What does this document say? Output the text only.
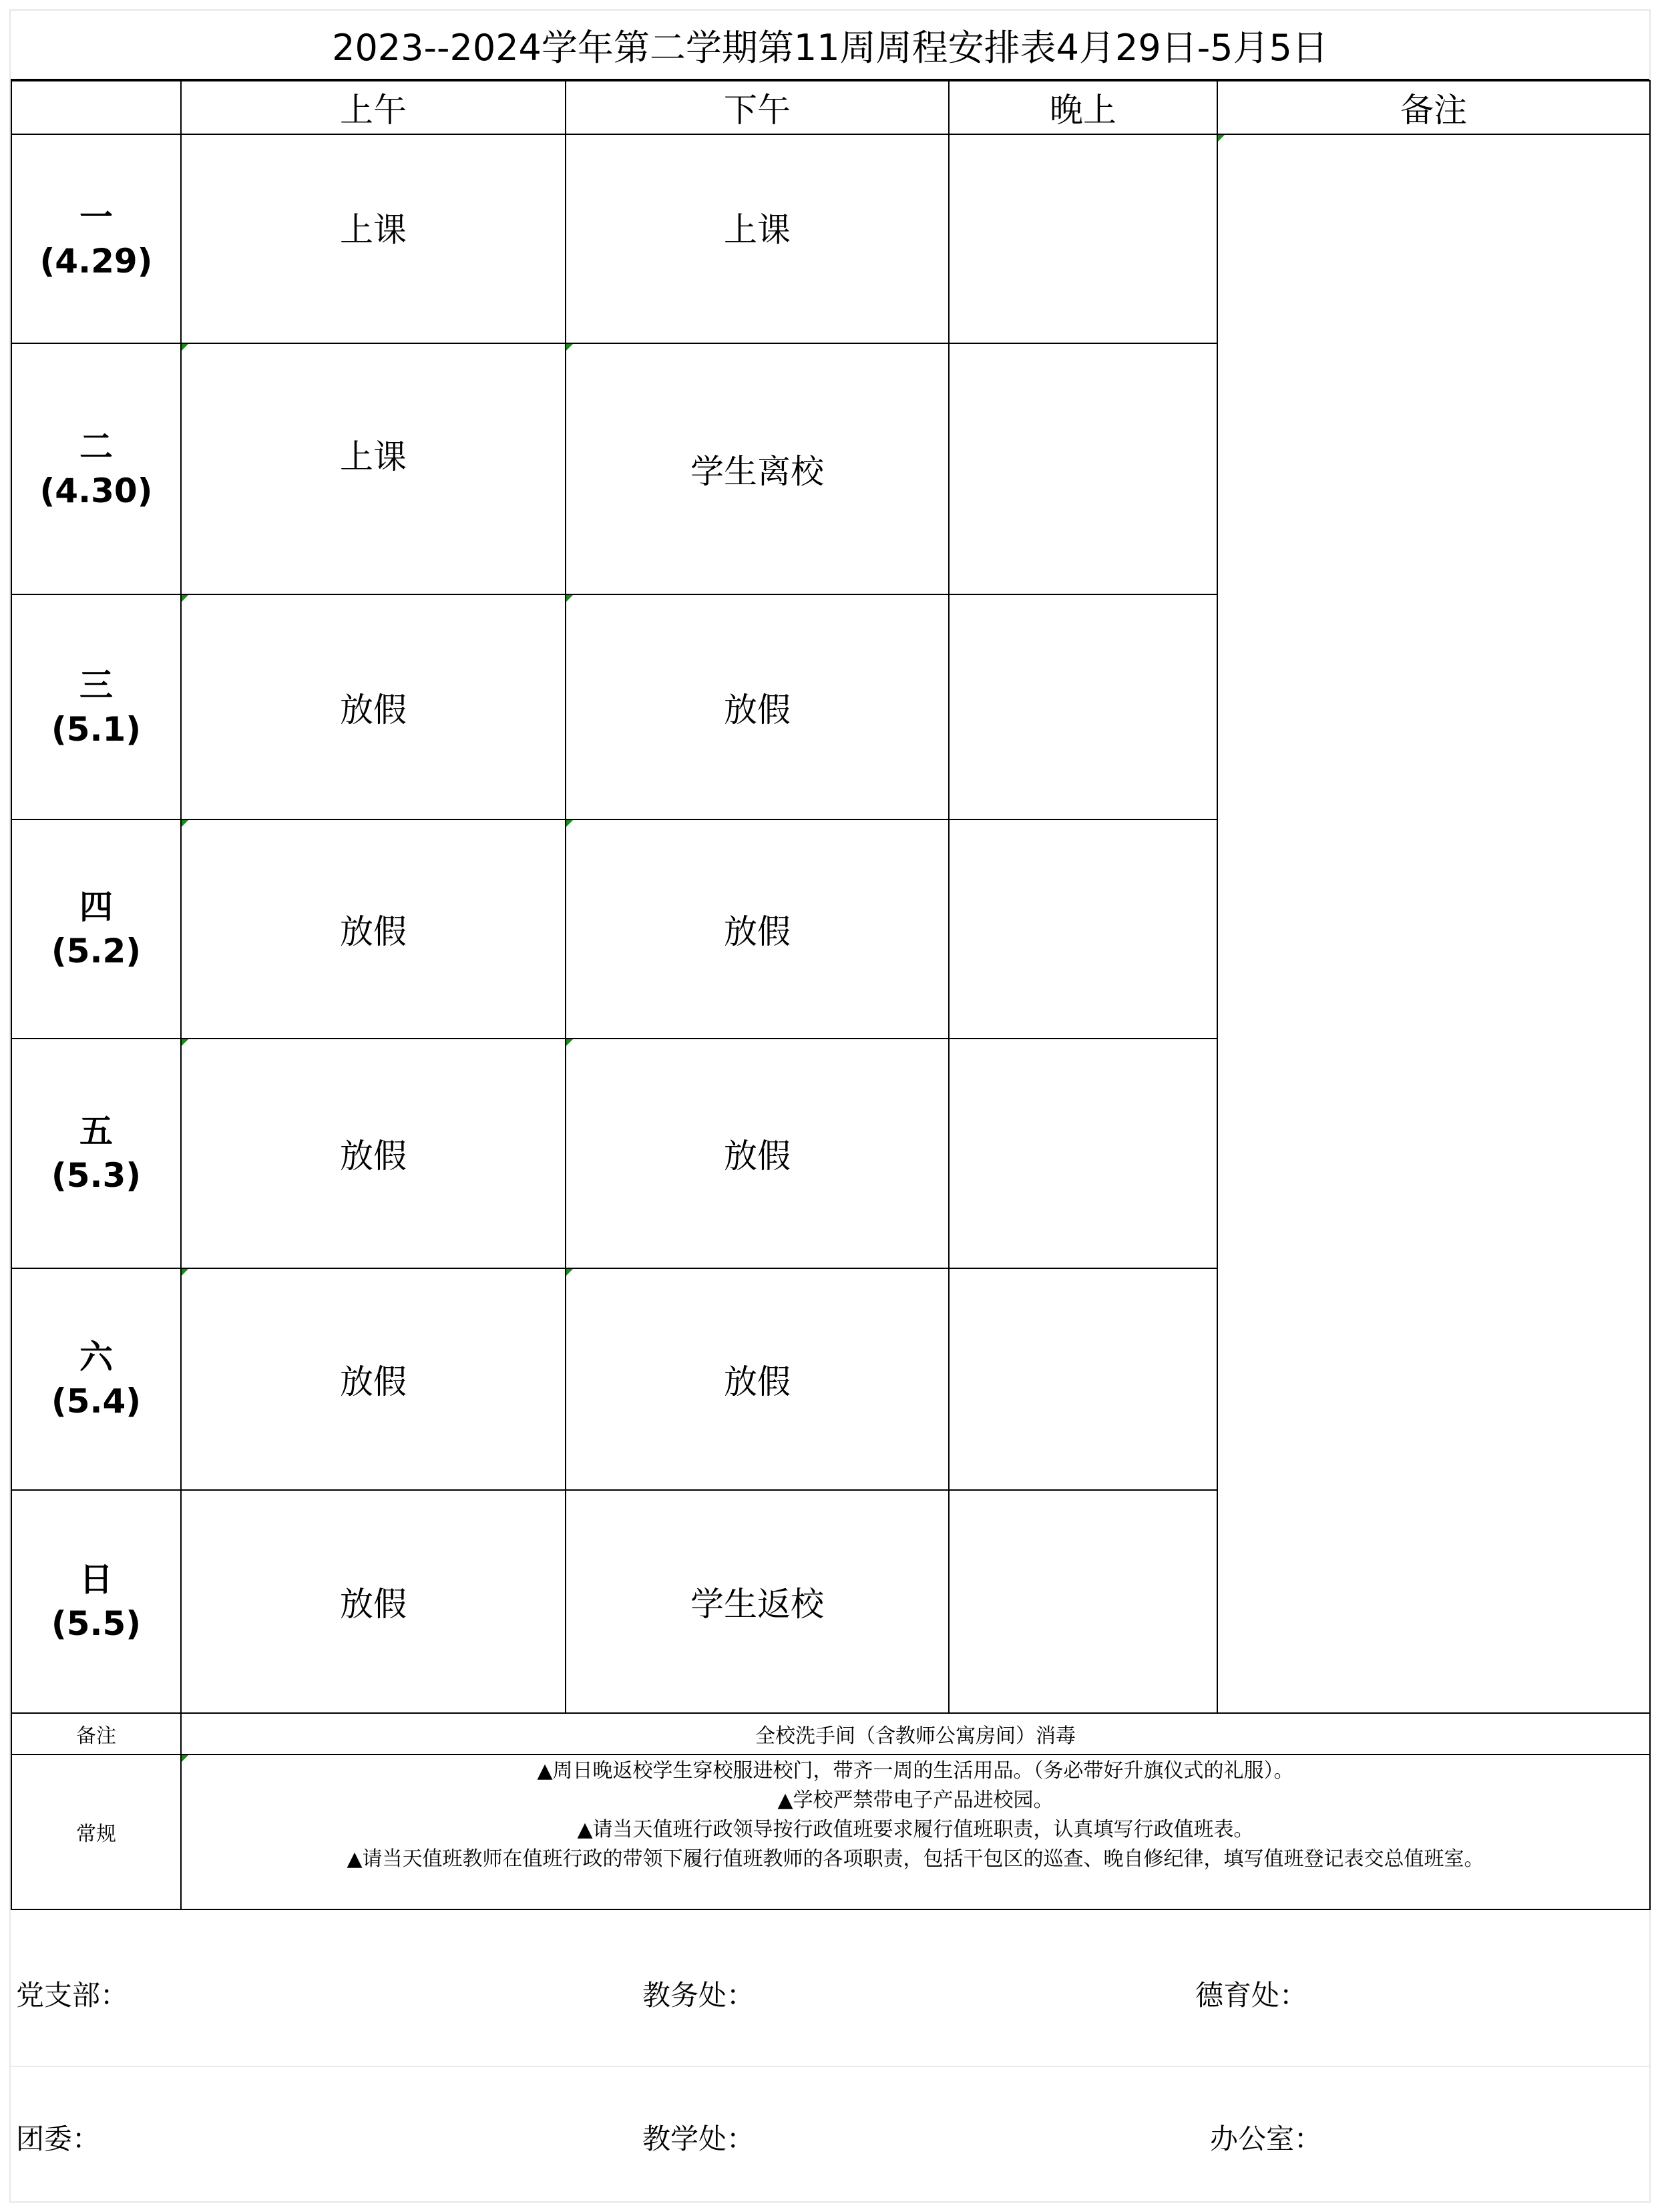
2023--2024学年第二学期第11周周程安排表4月29日-5月5日
	上午	下午	晚上	备注

一
(4.29)	上课	上课		

二
(4.30)	上课	学生离校		

三
(5.1)	放假	放假		

四
(5.2)	放假	放假		

五
(5.3)	放假	放假		

六
(5.4)	放假	放假		

日
(5.5)	放假	学生返校		
备注	全校洗手间（含教师公寓房间）消毒			
常规	▲周日晚返校学生穿校服进校门，带齐一周的生活用品。（务必带好升旗仪式的礼服）。
▲学校严禁带电子产品进校园。
▲请当天值班行政领导按行政值班要求履行值班职责，认真填写行政值班表。
▲请当天值班教师在值班行政的带领下履行值班教师的各项职责，包括干包区的巡查、晚自修纪律，填写值班登记表交总值班室。			
党支部：	教务处：	德育处：
团委：	教学处：	办公室：
